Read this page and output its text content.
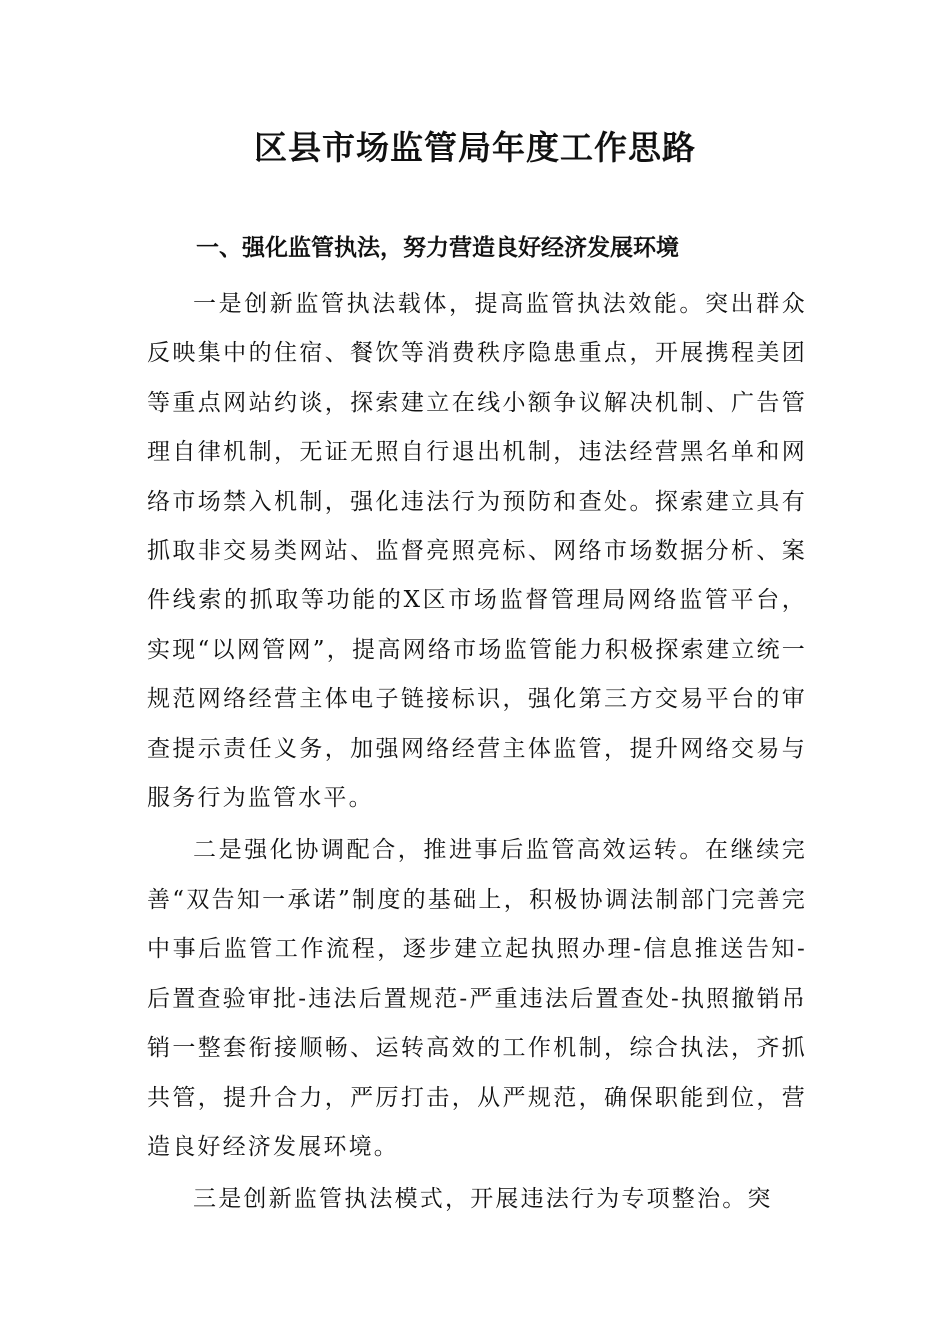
区县市场监管局年度工作思路
一、强化监管执法，努力营造良好经济发展环境

一是创新监管执法载体，提高监管执法效能。突出群众反映集中的住宿、餐饮等消费秩序隐患重点，开展携程美团等重点网站约谈，探索建立在线小额争议解决机制、广告管理自律机制，无证无照自行退出机制，违法经营黑名单和网络市场禁入机制，强化违法行为预防和查处。探索建立具有抓取非交易类网站、监督亮照亮标、网络市场数据分析、案件线索的抓取等功能的X区市场监督管理局网络监管平台，实现“以网管网”，提高网络市场监管能力积极探索建立统一规范网络经营主体电子链接标识，强化第三方交易平台的审查提示责任义务，加强网络经营主体监管，提升网络交易与服务行为监管水平。

二是强化协调配合，推进事后监管高效运转。在继续完善“双告知一承诺”制度的基础上，积极协调法制部门完善完中事后监管工作流程，逐步建立起执照办理-信息推送告知-后置查验审批-违法后置规范-严重违法后置查处-执照撤销吊销一整套衔接顺畅、运转高效的工作机制，综合执法，齐抓共管，提升合力，严厉打击，从严规范，确保职能到位，营造良好经济发展环境。

三是创新监管执法模式，开展违法行为专项整治。突
